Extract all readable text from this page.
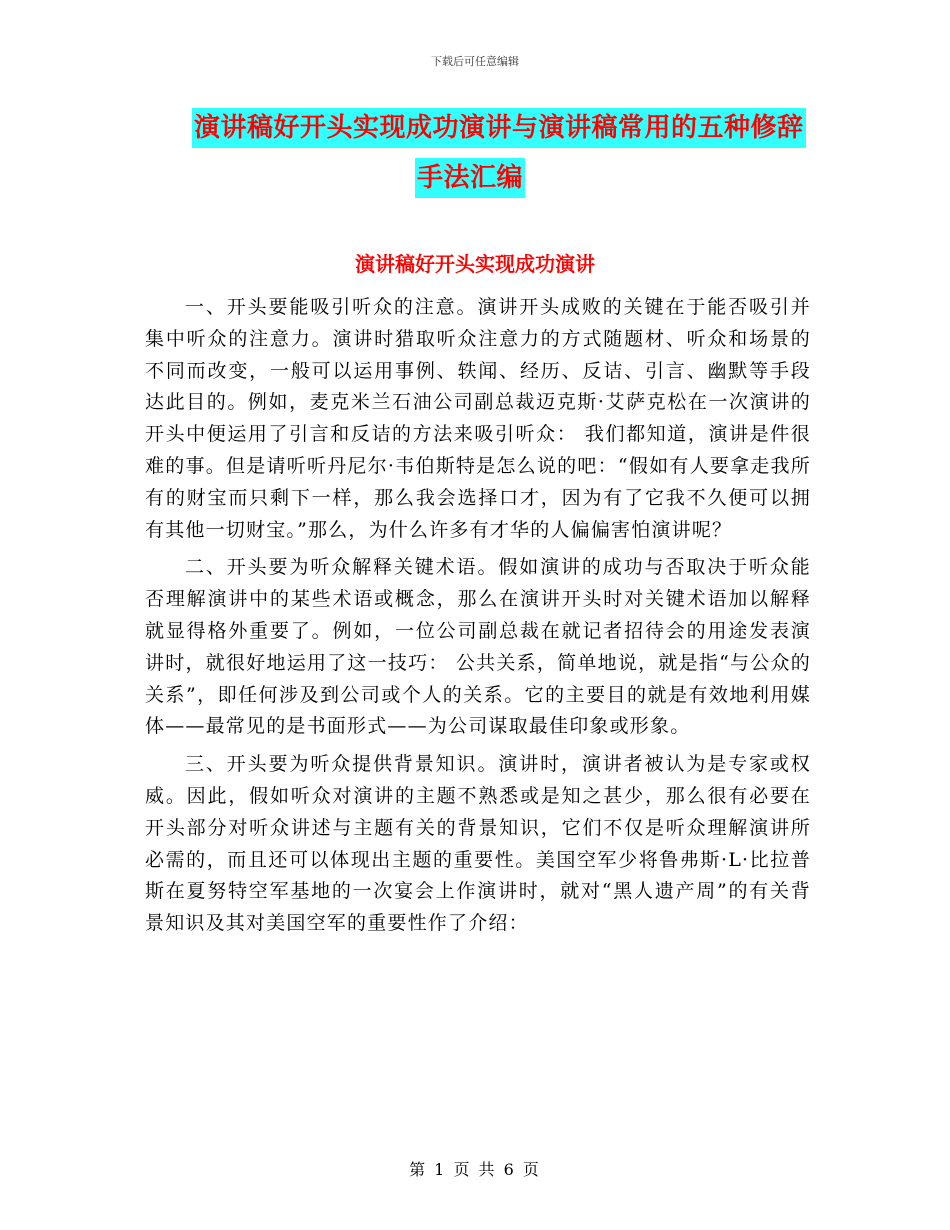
下载后可任意编辑
演讲稿好开头实现成功演讲与演讲稿常用的五种修辞
手法汇编
演讲稿好开头实现成功演讲

一、开头要能吸引听众的注意。演讲开头成败的关键在于能否吸引并集中听众的注意力。演讲时猎取听众注意力的方式随题材、听众和场景的不同而改变，一般可以运用事例、轶闻、经历、反诘、引言、幽默等手段达此目的。例如，麦克米兰石油公司副总裁迈克斯·艾萨克松在一次演讲的开头中便运用了引言和反诘的方法来吸引听众： 我们都知道，演讲是件很难的事。但是请听听丹尼尔·韦伯斯特是怎么说的吧：“假如有人要拿走我所有的财宝而只剩下一样，那么我会选择口才，因为有了它我不久便可以拥有其他一切财宝。”那么，为什么许多有才华的人偏偏害怕演讲呢？

二、开头要为听众解释关键术语。假如演讲的成功与否取决于听众能否理解演讲中的某些术语或概念，那么在演讲开头时对关键术语加以解释就显得格外重要了。例如，一位公司副总裁在就记者招待会的用途发表演讲时，就很好地运用了这一技巧： 公共关系，简单地说，就是指“与公众的关系”，即任何涉及到公司或个人的关系。它的主要目的就是有效地利用媒体——最常见的是书面形式——为公司谋取最佳印象或形象。

三、开头要为听众提供背景知识。演讲时，演讲者被认为是专家或权威。因此，假如听众对演讲的主题不熟悉或是知之甚少，那么很有必要在开头部分对听众讲述与主题有关的背景知识，它们不仅是听众理解演讲所必需的，而且还可以体现出主题的重要性。美国空军少将鲁弗斯·L·比拉普斯在夏努特空军基地的一次宴会上作演讲时，就对“黑人遗产周”的有关背景知识及其对美国空军的重要性作了介绍：

第 1 页 共 6 页
